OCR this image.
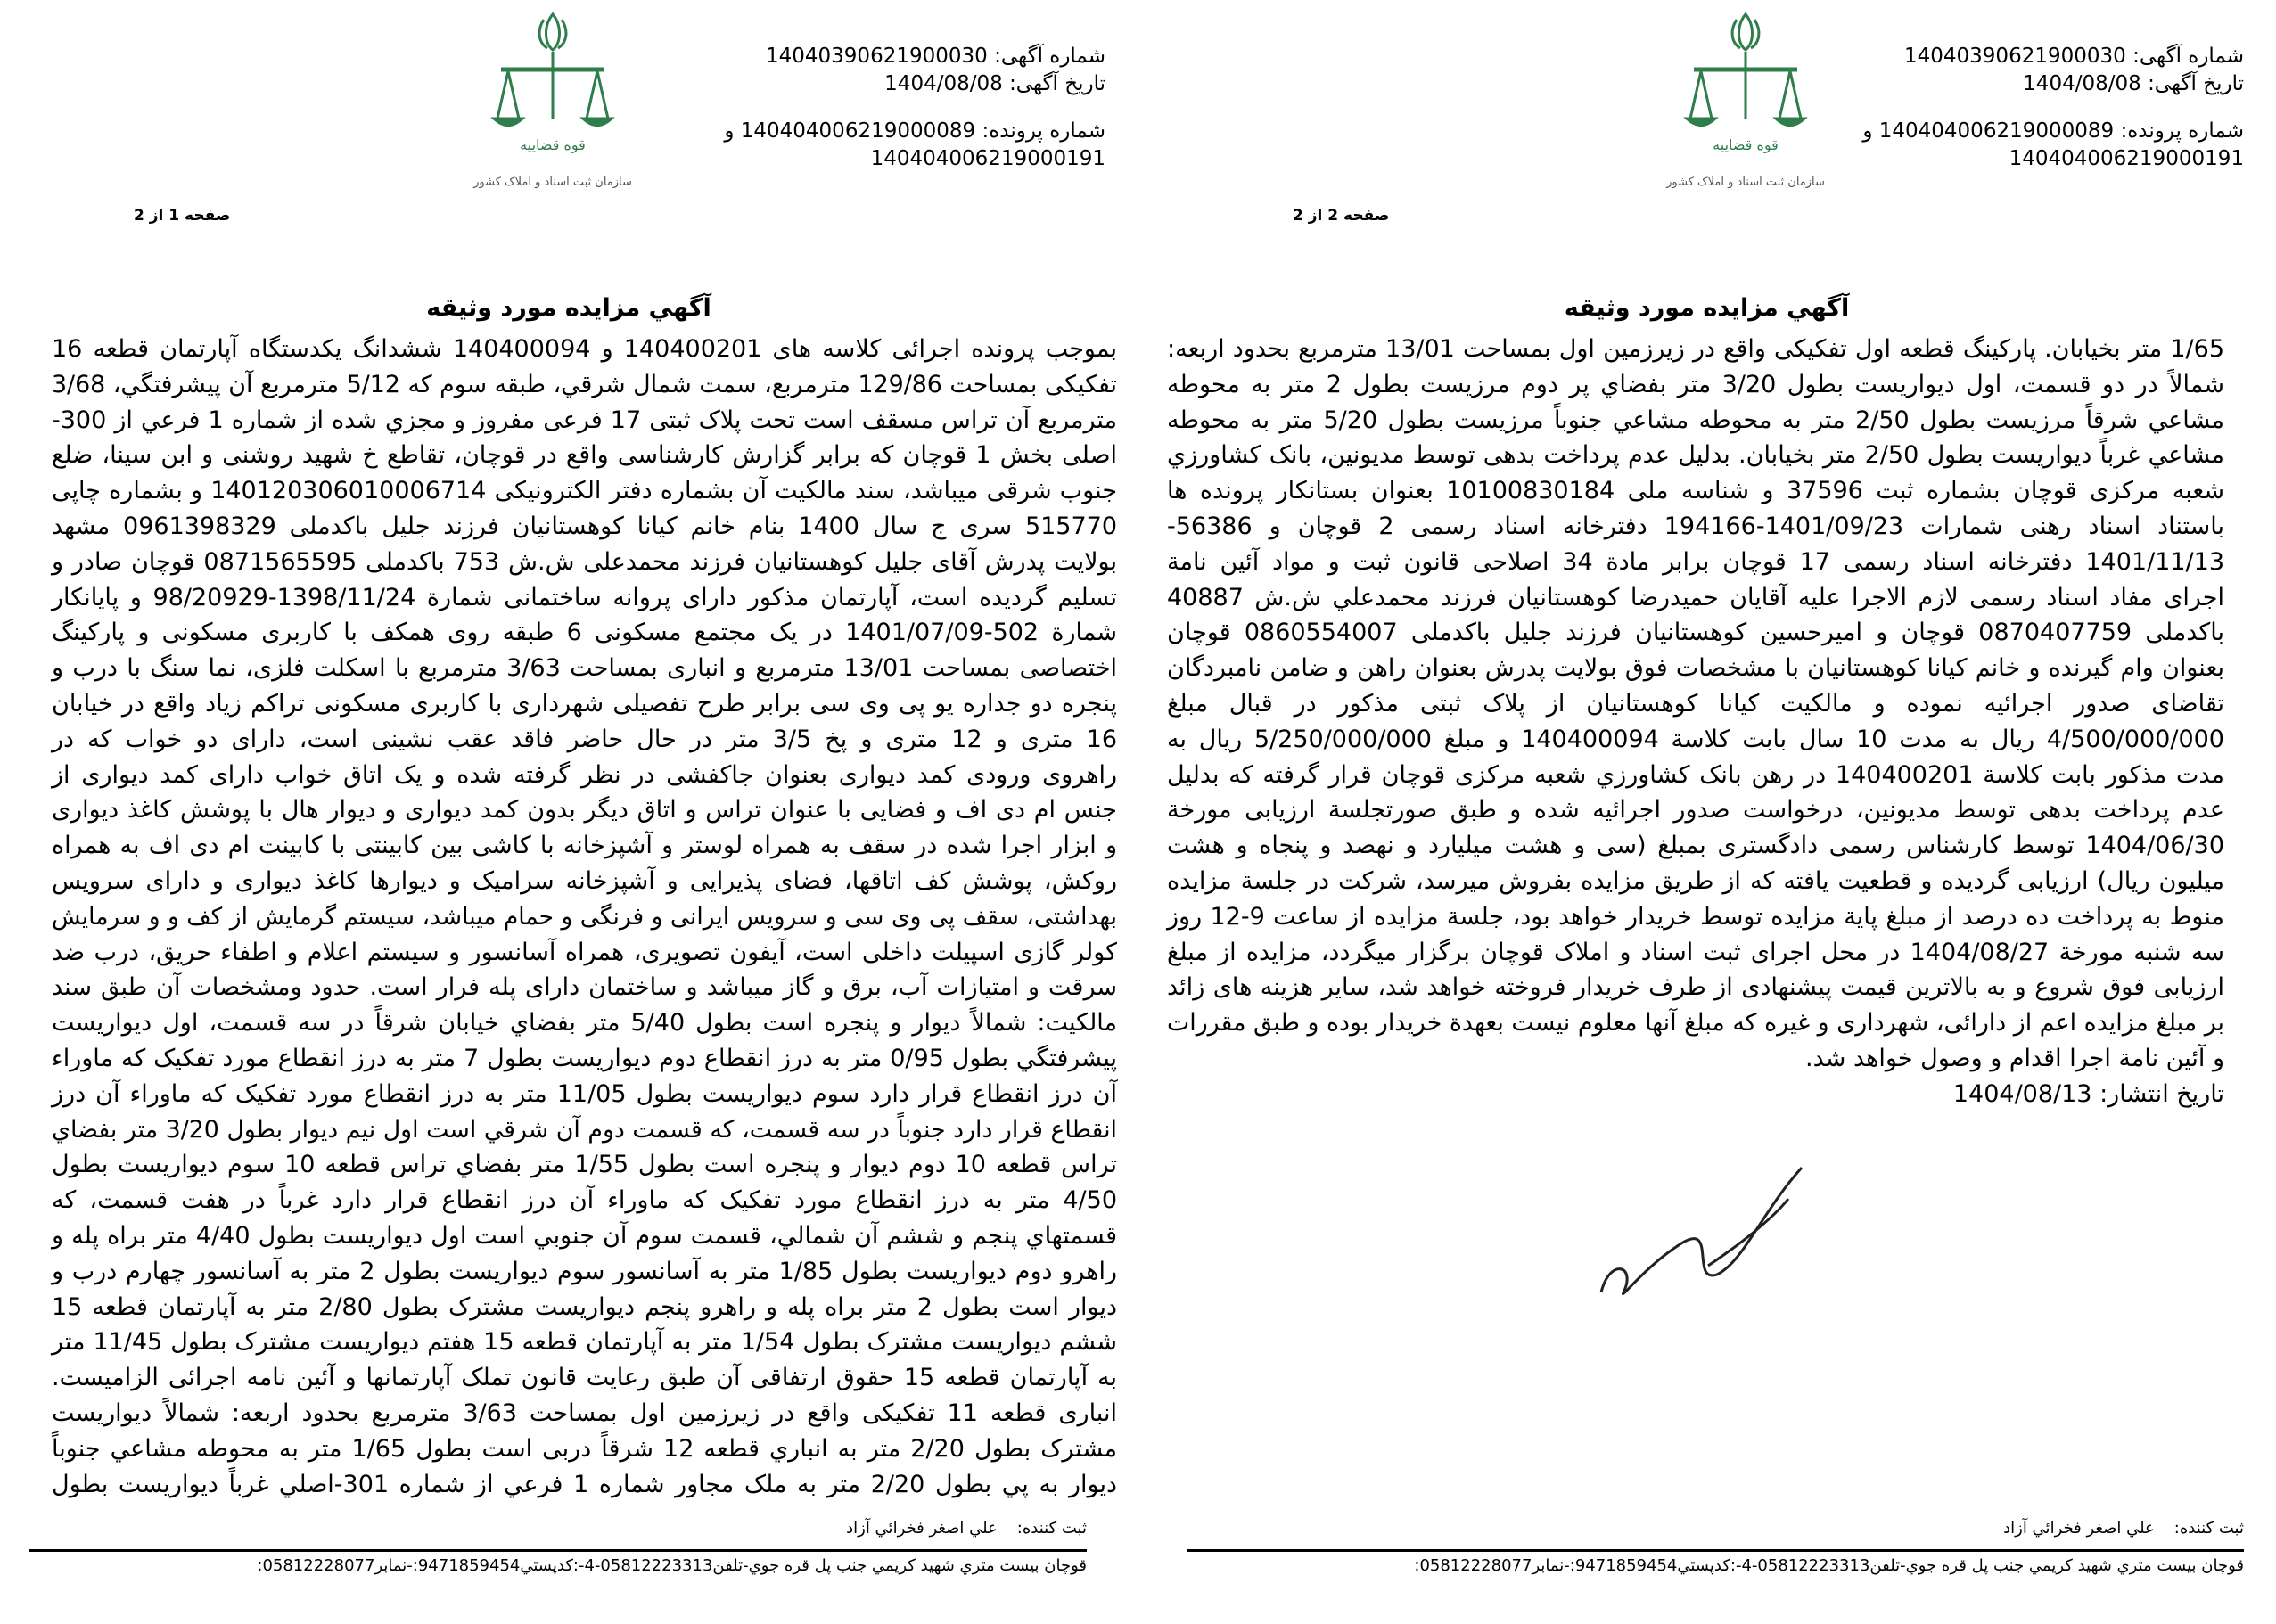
شماره آگهی: 14040390621900030
تاریخ آگهی: 1404/08/08
شماره پرونده: 140404006219000089 و
140404006219000191
قوه قضاییه
سازمان ثبت اسناد و املاک کشور
صفحه 2 از 2
آگهي مزايده مورد وثيقه
1/65 متر بخیابان. پارکینگ قطعه اول تفکیکی واقع در زیرزمین اول بمساحت 13/01 مترمربع بحدود اربعه:
شمالاً در دو قسمت، اول دیواریست بطول 3/20 متر بفضاي پر دوم مرزيست بطول 2 متر به محوطه
مشاعي شرقاً مرزيست بطول 2/50 متر به محوطه مشاعي جنوباً مرزيست بطول 5/20 متر به محوطه
مشاعي غرباً ديواريست بطول 2/50 متر بخيابان. بدليل عدم پرداخت بدهی توسط مدیونین، بانک کشاورزي
شعبه مرکزی قوچان بشماره ثبت 37596 و شناسه ملی 10100830184 بعنوان بستانکار پرونده ها
باستناد اسناد رهنی شمارات 1401/09/23-194166 دفترخانه اسناد رسمی 2 قوچان و 56386-
1401/11/13 دفترخانه اسناد رسمی 17 قوچان برابر مادة 34 اصلاحی قانون ثبت و مواد آئین نامة
اجرای مفاد اسناد رسمی لازم الاجرا علیه آقایان حمیدرضا کوهستانیان فرزند محمدعلي ش.ش 40887
باکدملی 0870407759 قوچان و امیرحسین کوهستانیان فرزند جلیل باکدملی 0860554007 قوچان
بعنوان وام گیرنده و خانم کیانا کوهستانیان با مشخصات فوق بولایت پدرش بعنوان راهن و ضامن نامبردگان
تقاضای صدور اجرائیه نموده و مالکیت کیانا کوهستانیان از پلاک ثبتی مذکور در قبال مبلغ
4/500/000/000 ریال به مدت 10 سال بابت کلاسة 140400094 و مبلغ 5/250/000/000 ریال به
مدت مذکور بابت کلاسة 140400201 در رهن بانک کشاورزي شعبه مرکزی قوچان قرار گرفته که بدلیل
عدم پرداخت بدهی توسط مدیونین، درخواست صدور اجرائیه شده و طبق صورتجلسة ارزیابی مورخة
1404/06/30 توسط کارشناس رسمی دادگستری بمبلغ (سی و هشت میلیارد و نهصد و پنجاه و هشت
میلیون ریال) ارزیابی گردیده و قطعیت یافته که از طریق مزایده بفروش میرسد، شرکت در جلسة مزایده
منوط به پرداخت ده درصد از مبلغ پایة مزایده توسط خریدار خواهد بود، جلسة مزایده از ساعت 9-12 روز
سه شنبه مورخة 1404/08/27 در محل اجرای ثبت اسناد و املاک قوچان برگزار میگردد، مزایده از مبلغ
ارزیابی فوق شروع و به بالاترین قیمت پیشنهادی از طرف خریدار فروخته خواهد شد، سایر هزینه های زائد
بر مبلغ مزایده اعم از دارائی، شهرداری و غیره که مبلغ آنها معلوم نیست بعهدة خریدار بوده و طبق مقررات
و آئین نامة اجرا اقدام و وصول خواهد شد.
تاریخ انتشار: 1404/08/13
ثبت کننده:علي اصغر فخرائي آزاد
قوچان بيست متري شهيد كريمي جنب پل قره جوي-تلفن05812223313-4-:كدپستي9471859454:-نمابر05812228077:
شماره آگهی: 14040390621900030
تاریخ آگهی: 1404/08/08
شماره پرونده: 140404006219000089 و
140404006219000191
قوه قضاییه
سازمان ثبت اسناد و املاک کشور
صفحه 1 از 2
آگهي مزايده مورد وثيقه
بموجب پرونده اجرائی کلاسه های 140400201 و 140400094 ششدانگ یکدستگاه آپارتمان قطعه 16
تفکیکی بمساحت 129/86 مترمربع، سمت شمال شرقي، طبقه سوم که 5/12 مترمربع آن پیشرفتگي، 3/68
مترمربع آن تراس مسقف است تحت پلاک ثبتی 17 فرعی مفروز و مجزي شده از شماره 1 فرعي از 300-
اصلی بخش 1 قوچان که برابر گزارش کارشناسی واقع در قوچان، تقاطع خ شهید روشنی و ابن سینا، ضلع
جنوب شرقی میباشد، سند مالکیت آن بشماره دفتر الکترونیکی 140120306010006714 و بشماره چاپی
515770 سری ج سال 1400 بنام خانم کیانا کوهستانیان فرزند جلیل باکدملی 0961398329 مشهد
بولایت پدرش آقای جلیل کوهستانیان فرزند محمدعلی ش.ش 753 باکدملی 0871565595 قوچان صادر و
تسلیم گردیده است، آپارتمان مذکور دارای پروانه ساختمانی شمارة 1398/11/24-98/20929 و پایانکار
شمارة 502-1401/07/09 در یک مجتمع مسکونی 6 طبقه روی همکف با کاربری مسکونی و پارکینگ
اختصاصی بمساحت 13/01 مترمربع و انباری بمساحت 3/63 مترمربع با اسکلت فلزی، نما سنگ با درب و
پنجره دو جداره یو پی وی سی برابر طرح تفصیلی شهرداری با کاربری مسکونی تراکم زیاد واقع در خیابان
16 متری و 12 متری و پخ 3/5 متر در حال حاضر فاقد عقب نشینی است، دارای دو خواب که در
راهروی ورودی کمد دیواری بعنوان جاکفشی در نظر گرفته شده و یک اتاق خواب دارای کمد دیواری از
جنس ام دی اف و فضایی با عنوان تراس و اتاق دیگر بدون کمد دیواری و دیوار هال با پوشش کاغذ دیواری
و ابزار اجرا شده در سقف به همراه لوستر و آشپزخانه با کاشی بین کابینتی با کابینت ام دی اف به همراه
روکش، پوشش کف اتاقها، فضای پذیرایی و آشپزخانه سرامیک و دیوارها کاغذ دیواری و دارای سرویس
بهداشتی، سقف پی وی سی و سرویس ایرانی و فرنگی و حمام میباشد، سیستم گرمایش از کف و و سرمایش
کولر گازی اسپیلت داخلی است، آیفون تصویری، همراه آسانسور و سیستم اعلام و اطفاء حریق، درب ضد
سرقت و امتیازات آب، برق و گاز میباشد و ساختمان دارای پله فرار است. حدود ومشخصات آن طبق سند
مالکیت: شمالاً دیوار و پنجره است بطول 5/40 متر بفضاي خيابان شرقاً در سه قسمت، اول دیواریست
پیشرفتگي بطول 0/95 متر به درز انقطاع دوم دیواریست بطول 7 متر به درز انقطاع مورد تفکیک که ماوراء
آن درز انقطاع قرار دارد سوم دیواریست بطول 11/05 متر به درز انقطاع مورد تفکیک که ماوراء آن درز
انقطاع قرار دارد جنوباً در سه قسمت، که قسمت دوم آن شرقي است اول نیم دیوار بطول 3/20 متر بفضاي
تراس قطعه 10 دوم دیوار و پنجره است بطول 1/55 متر بفضاي تراس قطعه 10 سوم دیواریست بطول
4/50 متر به درز انقطاع مورد تفکیک که ماوراء آن درز انقطاع قرار دارد غرباً در هفت قسمت، که
قسمتهاي پنجم و ششم آن شمالي، قسمت سوم آن جنوبي است اول دیواریست بطول 4/40 متر براه پله و
راهرو دوم دیواریست بطول 1/85 متر به آسانسور سوم دیواریست بطول 2 متر به آسانسور چهارم درب و
دیوار است بطول 2 متر براه پله و راهرو پنجم دیواریست مشترک بطول 2/80 متر به آپارتمان قطعه 15
ششم دیواریست مشترک بطول 1/54 متر به آپارتمان قطعه 15 هفتم دیواریست مشترک بطول 11/45 متر
به آپارتمان قطعه 15 حقوق ارتفاقی آن طبق رعایت قانون تملک آپارتمانها و آئین نامه اجرائی الزامیست.
انباری قطعه 11 تفکیکی واقع در زیرزمین اول بمساحت 3/63 مترمربع بحدود اربعه: شمالاً دیواریست
مشترک بطول 2/20 متر به انباري قطعه 12 شرقاً دربی است بطول 1/65 متر به محوطه مشاعي جنوباً
دیوار به پي بطول 2/20 متر به ملک مجاور شماره 1 فرعي از شماره 301-اصلي غرباً دیواریست بطول
ثبت کننده:علي اصغر فخرائي آزاد
قوچان بيست متري شهيد كريمي جنب پل قره جوي-تلفن05812223313-4-:كدپستي9471859454:-نمابر05812228077:
